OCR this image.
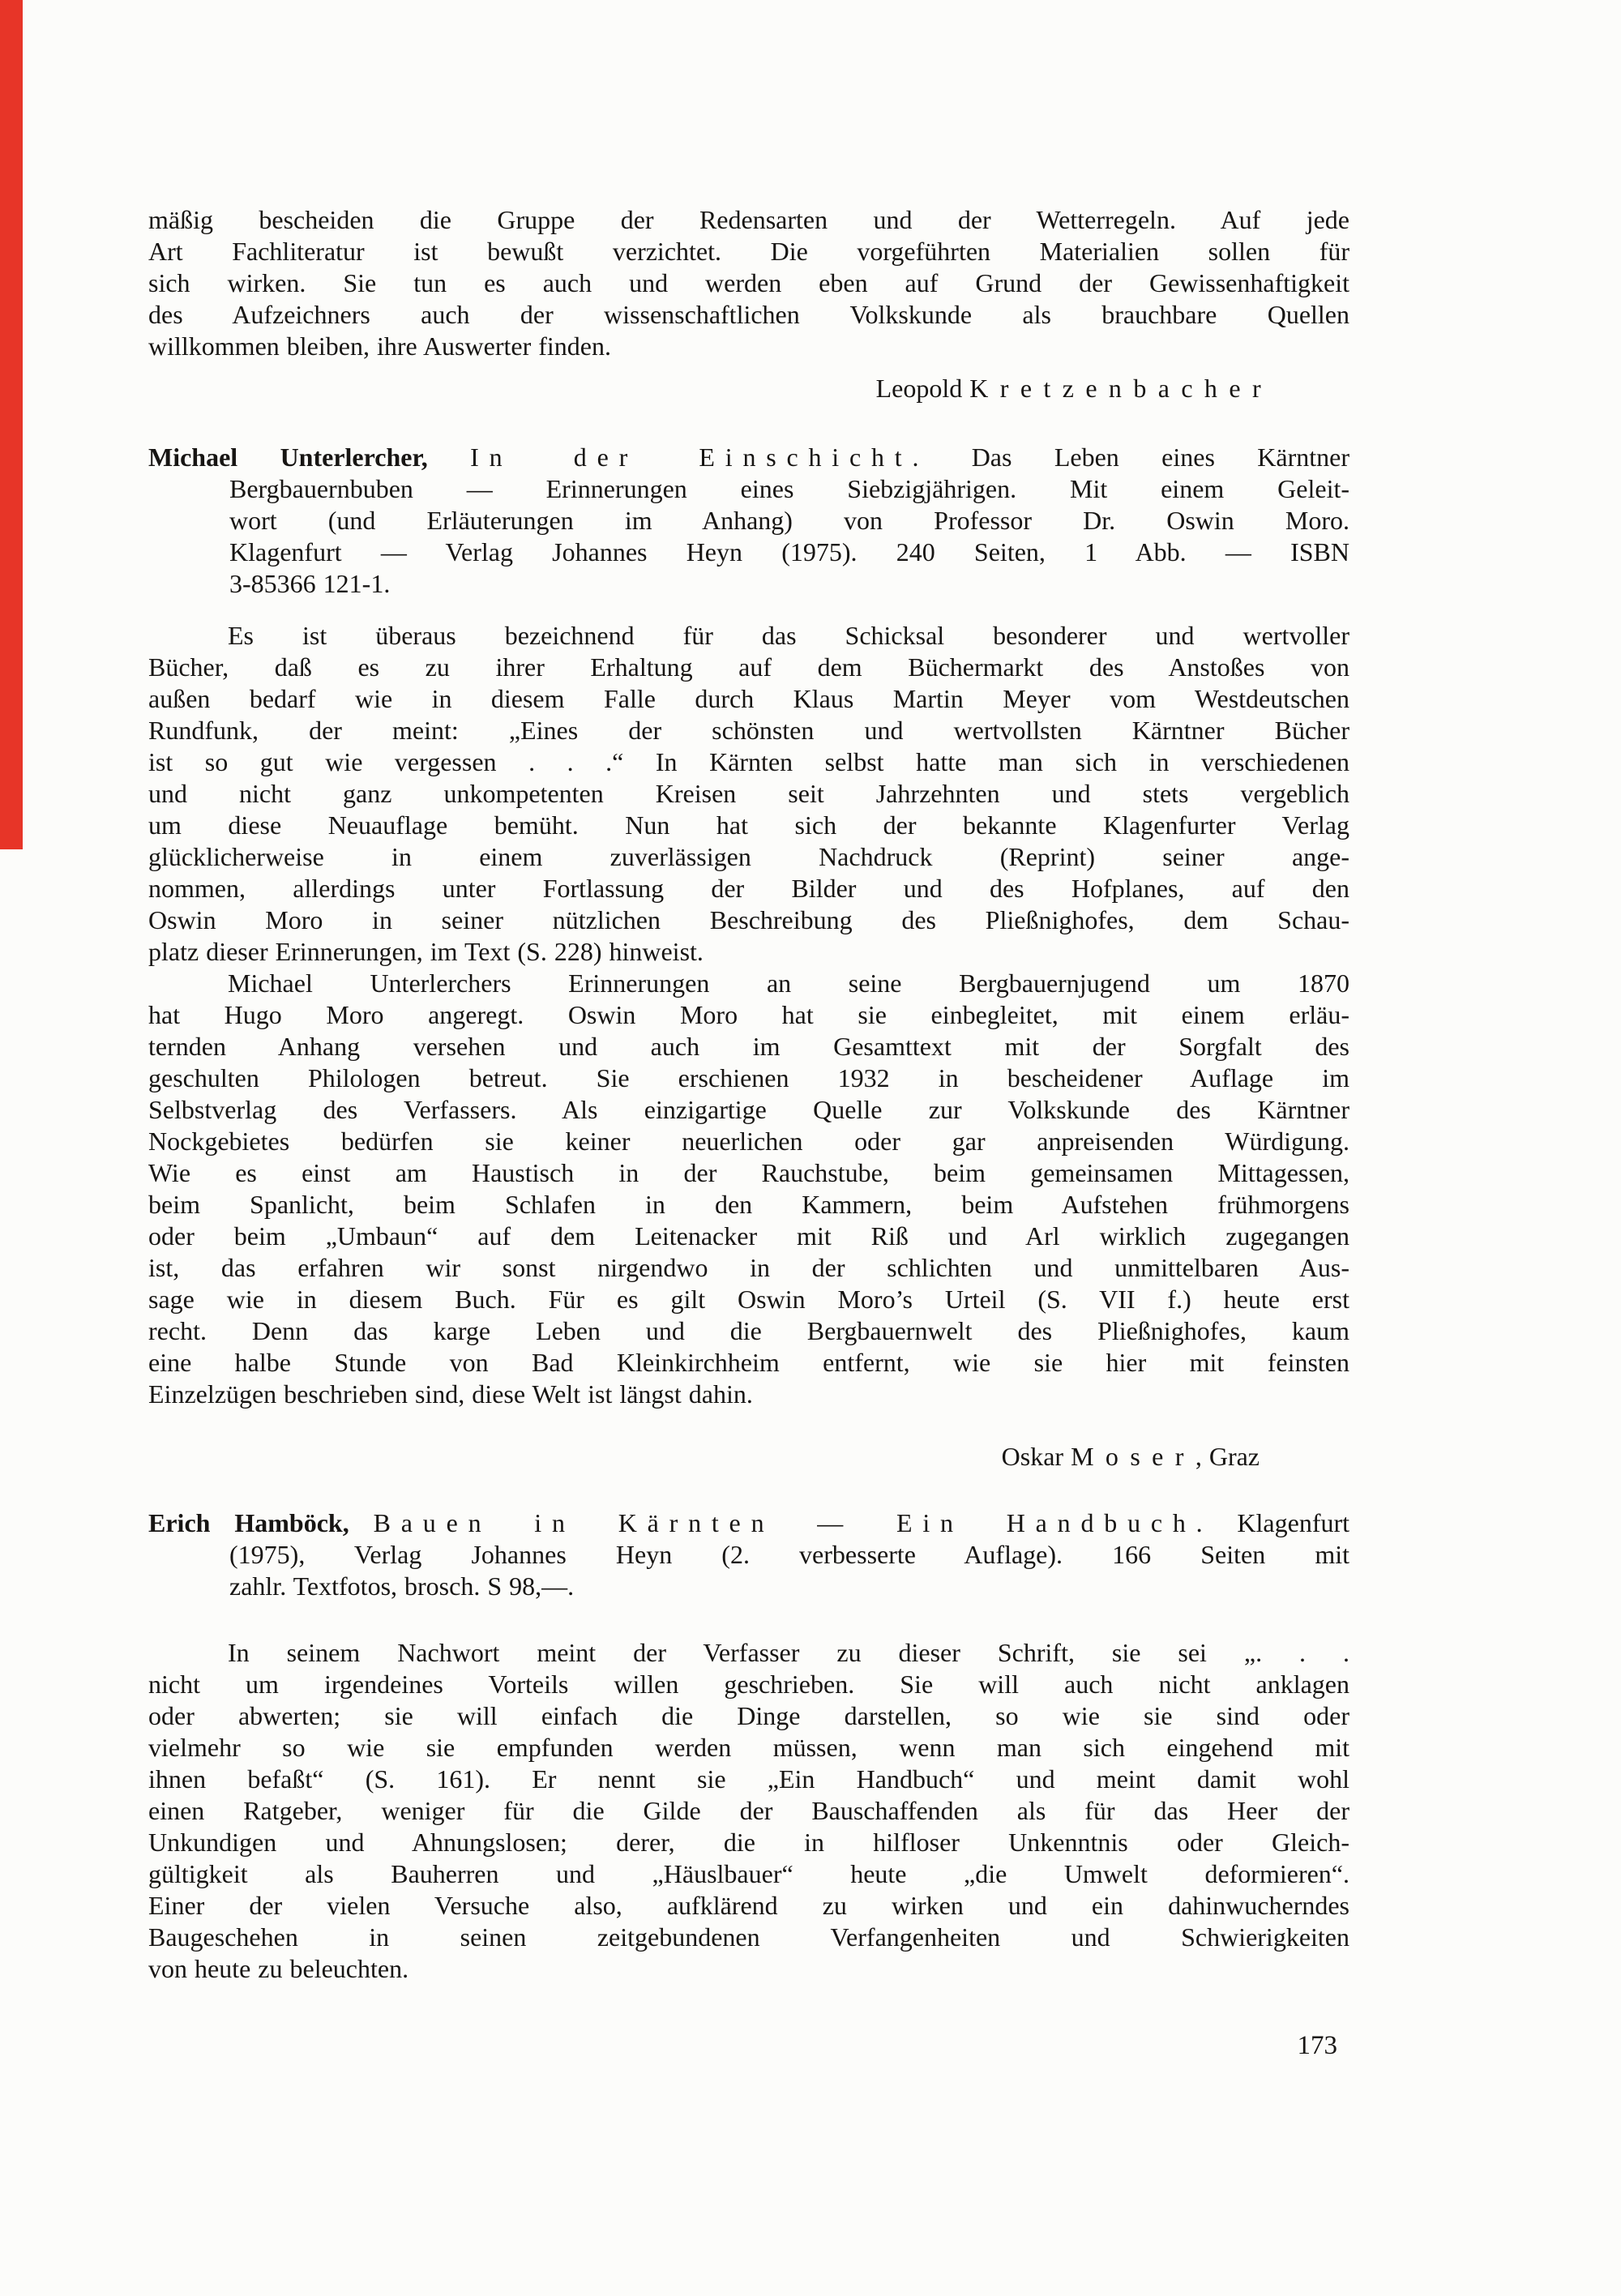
mäßig bescheiden die Gruppe der Redensarten und der Wetterregeln. Auf jede
Art Fachliteratur ist bewußt verzichtet. Die vorgeführten Materialien sollen für
sich wirken. Sie tun es auch und werden eben auf Grund der Gewissenhaftigkeit
des Aufzeichners auch der wissenschaftlichen Volkskunde als brauchbare Quellen
willkommen bleiben, ihre Auswerter finden.
Leopold Kretzenbacher
Michael Unterlercher, In der Einschicht. Das Leben eines Kärntner
Bergbauernbuben — Erinnerungen eines Siebzigjährigen. Mit einem Geleit-
wort (und Erläuterungen im Anhang) von Professor Dr. Oswin Moro.
Klagenfurt — Verlag Johannes Heyn (1975). 240 Seiten, 1 Abb. — ISBN
3-85366 121-1.
Es ist überaus bezeichnend für das Schicksal besonderer und wertvoller
Bücher, daß es zu ihrer Erhaltung auf dem Büchermarkt des Anstoßes von
außen bedarf wie in diesem Falle durch Klaus Martin Meyer vom Westdeutschen
Rundfunk, der meint: „Eines der schönsten und wertvollsten Kärntner Bücher
ist so gut wie vergessen . . .“ In Kärnten selbst hatte man sich in verschiedenen
und nicht ganz unkompetenten Kreisen seit Jahrzehnten und stets vergeblich
um diese Neuauflage bemüht. Nun hat sich der bekannte Klagenfurter Verlag
glücklicherweise in einem zuverlässigen Nachdruck (Reprint) seiner ange-
nommen, allerdings unter Fortlassung der Bilder und des Hofplanes, auf den
Oswin Moro in seiner nützlichen Beschreibung des Pließnighofes, dem Schau-
platz dieser Erinnerungen, im Text (S. 228) hinweist.
Michael Unterlerchers Erinnerungen an seine Bergbauernjugend um 1870
hat Hugo Moro angeregt. Oswin Moro hat sie einbegleitet, mit einem erläu-
ternden Anhang versehen und auch im Gesamttext mit der Sorgfalt des
geschulten Philologen betreut. Sie erschienen 1932 in bescheidener Auflage im
Selbstverlag des Verfassers. Als einzigartige Quelle zur Volkskunde des Kärntner
Nockgebietes bedürfen sie keiner neuerlichen oder gar anpreisenden Würdigung.
Wie es einst am Haustisch in der Rauchstube, beim gemeinsamen Mittagessen,
beim Spanlicht, beim Schlafen in den Kammern, beim Aufstehen frühmorgens
oder beim „Umbaun“ auf dem Leitenacker mit Riß und Arl wirklich zugegangen
ist, das erfahren wir sonst nirgendwo in der schlichten und unmittelbaren Aus-
sage wie in diesem Buch. Für es gilt Oswin Moro’s Urteil (S. VII f.) heute erst
recht. Denn das karge Leben und die Bergbauernwelt des Pließnighofes, kaum
eine halbe Stunde von Bad Kleinkirchheim entfernt, wie sie hier mit feinsten
Einzelzügen beschrieben sind, diese Welt ist längst dahin.
Oskar Moser, Graz
Erich Hamböck, Bauen in Kärnten — Ein Handbuch. Klagenfurt
(1975), Verlag Johannes Heyn (2. verbesserte Auflage). 166 Seiten mit
zahlr. Textfotos, brosch. S 98,—.
In seinem Nachwort meint der Verfasser zu dieser Schrift, sie sei „. . .
nicht um irgendeines Vorteils willen geschrieben. Sie will auch nicht anklagen
oder abwerten; sie will einfach die Dinge darstellen, so wie sie sind oder
vielmehr so wie sie empfunden werden müssen, wenn man sich eingehend mit
ihnen befaßt“ (S. 161). Er nennt sie „Ein Handbuch“ und meint damit wohl
einen Ratgeber, weniger für die Gilde der Bauschaffenden als für das Heer der
Unkundigen und Ahnungslosen; derer, die in hilfloser Unkenntnis oder Gleich-
gültigkeit als Bauherren und „Häuslbauer“ heute „die Umwelt deformieren“.
Einer der vielen Versuche also, aufklärend zu wirken und ein dahinwucherndes
Baugeschehen in seinen zeitgebundenen Verfangenheiten und Schwierigkeiten
von heute zu beleuchten.
173
